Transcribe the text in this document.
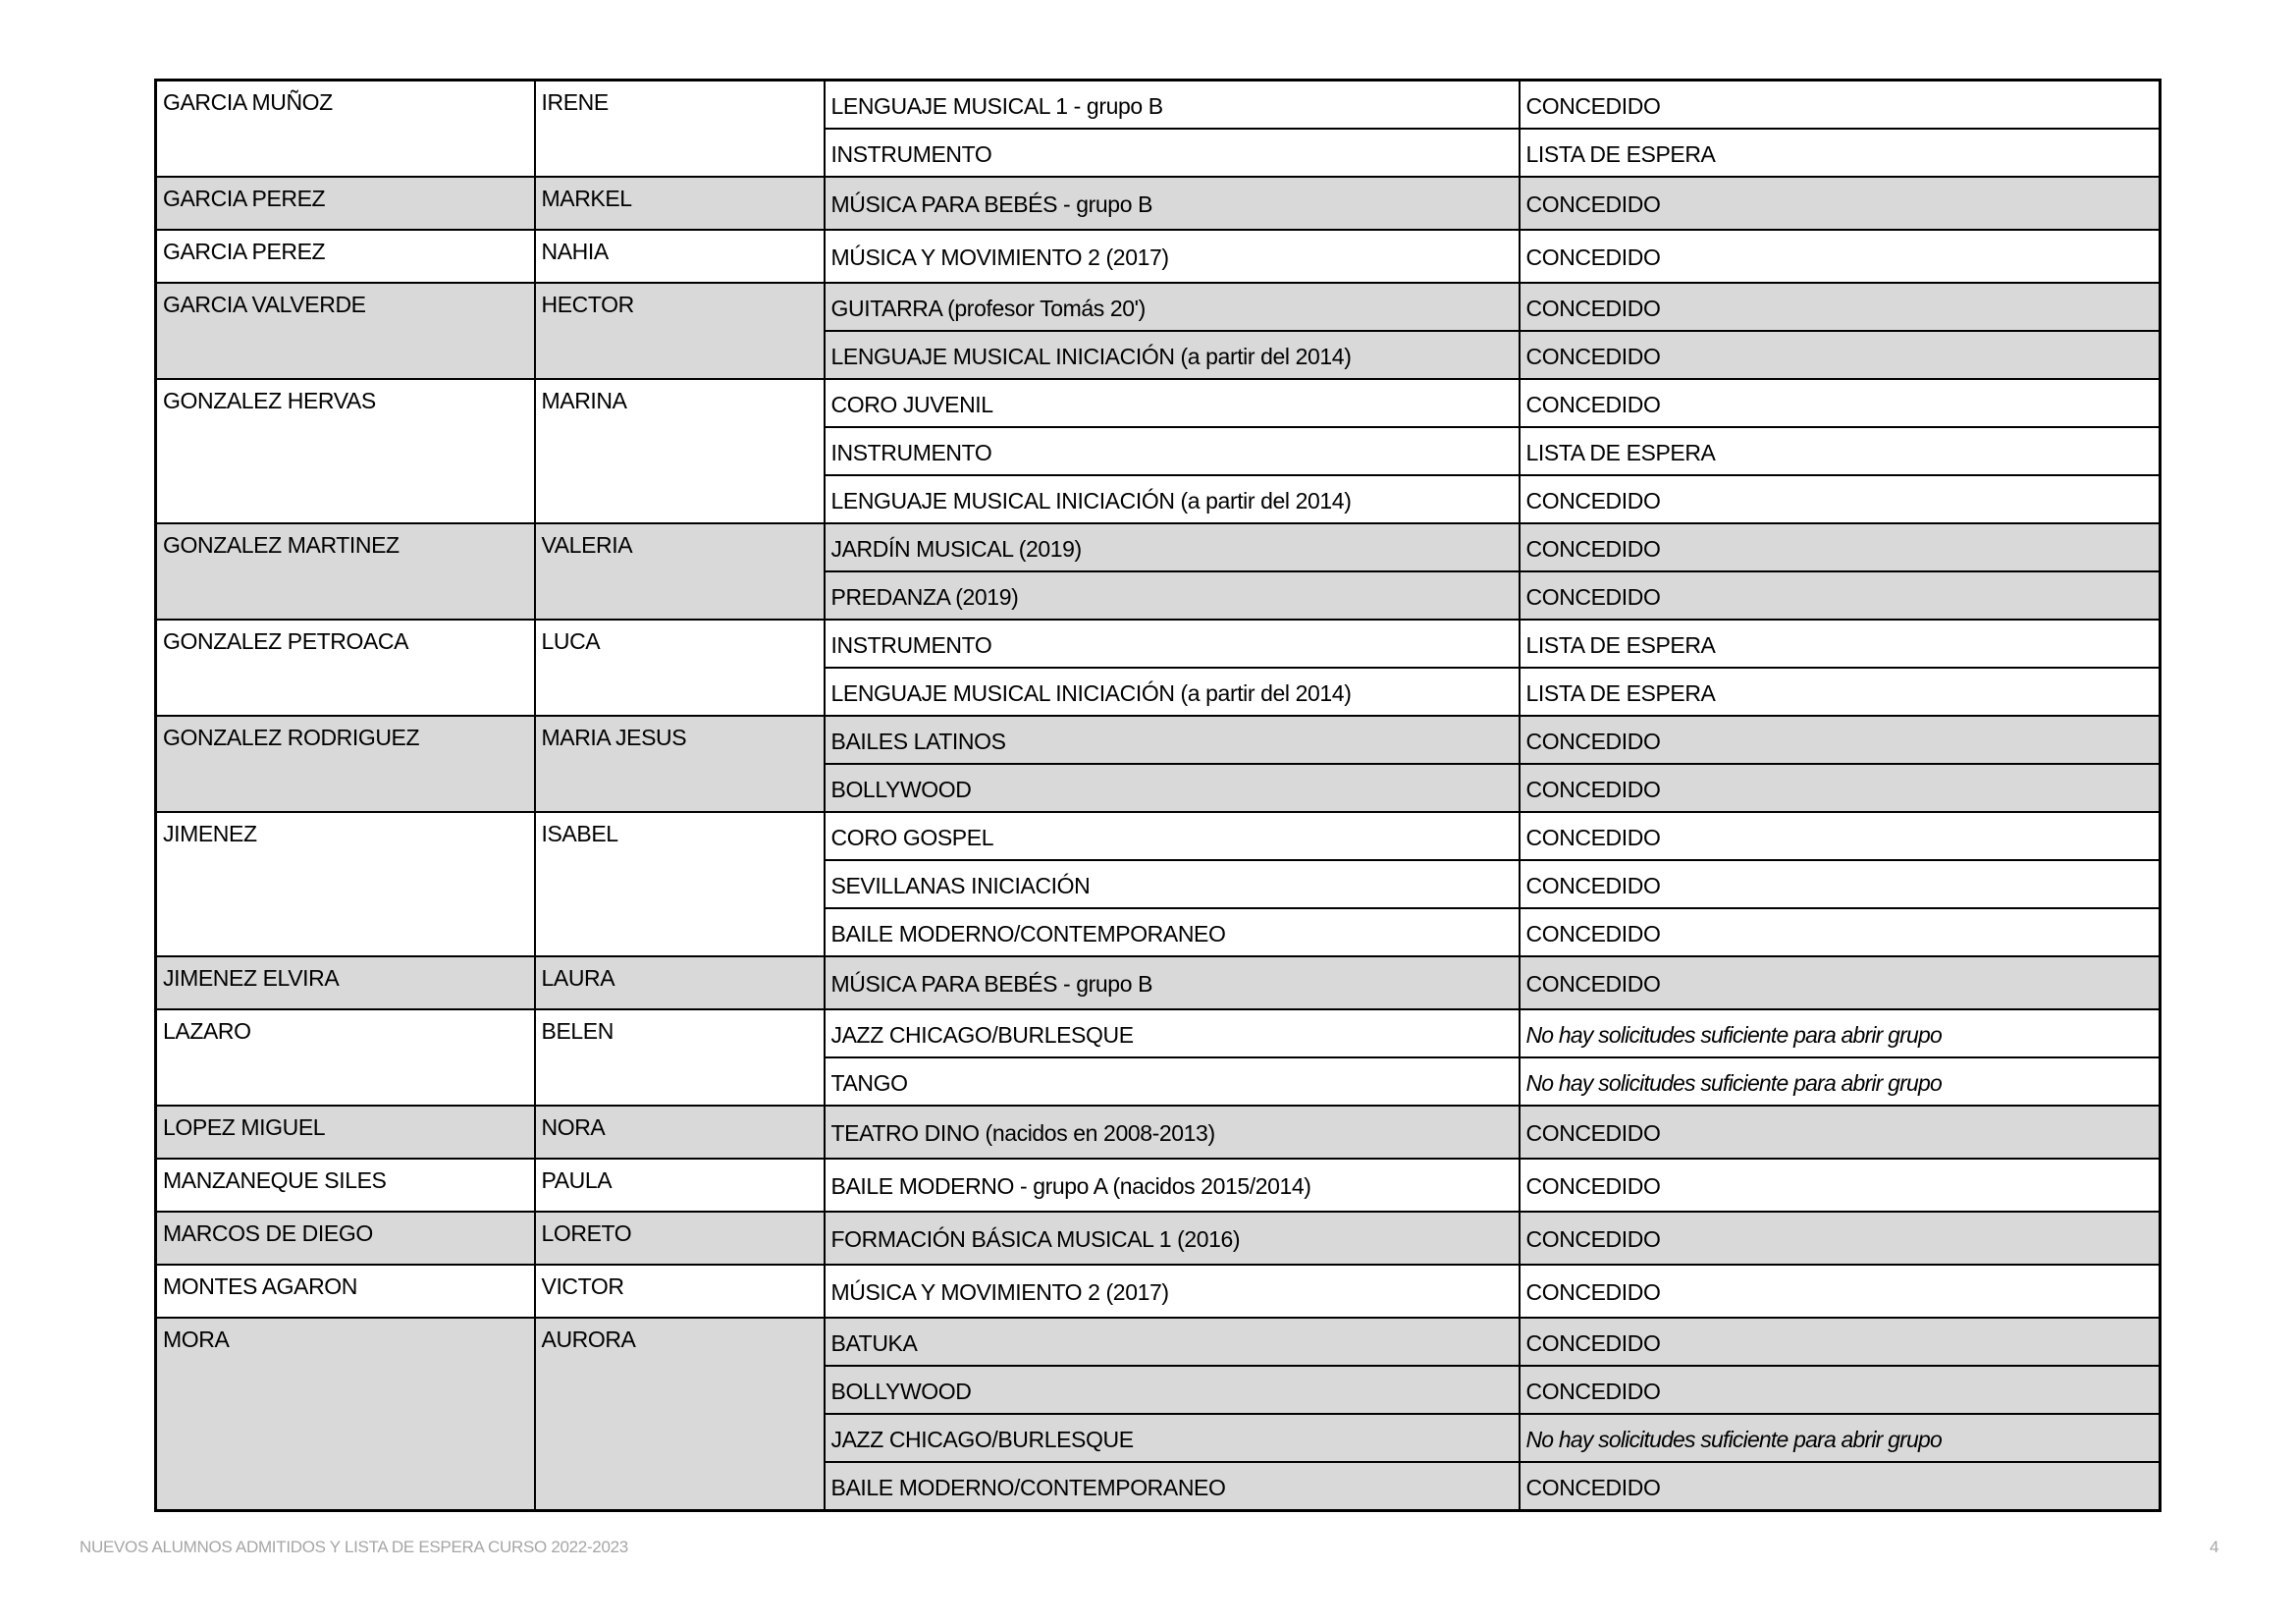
GARCIA MUÑOZ	IRENE	LENGUAJE MUSICAL 1 - grupo B	CONCEDIDO
		INSTRUMENTO	LISTA DE ESPERA
GARCIA PEREZ	MARKEL	MÚSICA PARA BEBÉS - grupo B	CONCEDIDO
GARCIA PEREZ	NAHIA	MÚSICA Y MOVIMIENTO 2 (2017)	CONCEDIDO
GARCIA VALVERDE	HECTOR	GUITARRA (profesor Tomás 20')	CONCEDIDO
		LENGUAJE MUSICAL INICIACIÓN (a partir del 2014)	CONCEDIDO
GONZALEZ HERVAS	MARINA	CORO JUVENIL	CONCEDIDO
		INSTRUMENTO	LISTA DE ESPERA
		LENGUAJE MUSICAL INICIACIÓN (a partir del 2014)	CONCEDIDO
GONZALEZ MARTINEZ	VALERIA	JARDÍN MUSICAL (2019)	CONCEDIDO
		PREDANZA (2019)	CONCEDIDO
GONZALEZ PETROACA	LUCA	INSTRUMENTO	LISTA DE ESPERA
		LENGUAJE MUSICAL INICIACIÓN (a partir del 2014)	LISTA DE ESPERA
GONZALEZ RODRIGUEZ	MARIA JESUS	BAILES LATINOS	CONCEDIDO
		BOLLYWOOD	CONCEDIDO
JIMENEZ	ISABEL	CORO GOSPEL	CONCEDIDO
		SEVILLANAS INICIACIÓN	CONCEDIDO
		BAILE MODERNO/CONTEMPORANEO	CONCEDIDO
JIMENEZ ELVIRA	LAURA	MÚSICA PARA BEBÉS - grupo B	CONCEDIDO
LAZARO	BELEN	JAZZ CHICAGO/BURLESQUE	No hay solicitudes suficiente para abrir grupo
		TANGO	No hay solicitudes suficiente para abrir grupo
LOPEZ MIGUEL	NORA	TEATRO DINO (nacidos en 2008-2013)	CONCEDIDO
MANZANEQUE SILES	PAULA	BAILE MODERNO - grupo A (nacidos 2015/2014)	CONCEDIDO
MARCOS DE DIEGO	LORETO	FORMACIÓN BÁSICA MUSICAL 1 (2016)	CONCEDIDO
MONTES AGARON	VICTOR	MÚSICA Y MOVIMIENTO 2 (2017)	CONCEDIDO
MORA	AURORA	BATUKA	CONCEDIDO
		BOLLYWOOD	CONCEDIDO
		JAZZ CHICAGO/BURLESQUE	No hay solicitudes suficiente para abrir grupo
		BAILE MODERNO/CONTEMPORANEO	CONCEDIDO
NUEVOS ALUMNOS ADMITIDOS Y LISTA DE ESPERA CURSO 2022-2023	4
